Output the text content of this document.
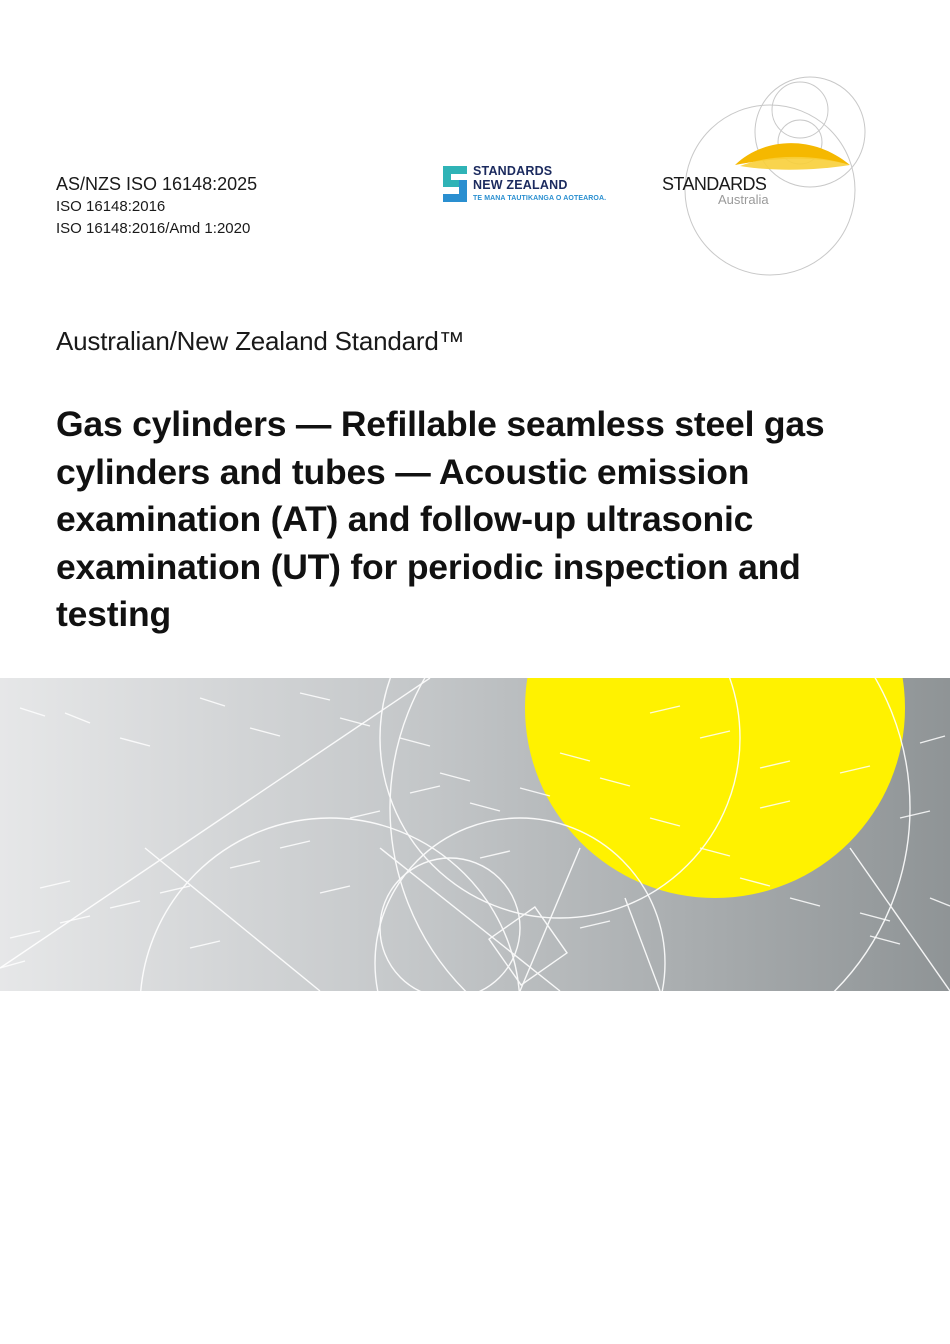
AS/NZS ISO 16148:2025
ISO 16148:2016
ISO 16148:2016/Amd 1:2020
STANDARDS
NEW ZEALAND
TE MANA TAUTIKANGA O AOTEAROA.
STANDARDS
Australia
Australian/New Zealand Standard™
Gas cylinders — Refillable seamless steel gas cylinders and tubes — Acoustic emission examination (AT) and follow-up ultrasonic examination (UT) for periodic inspection and testing
